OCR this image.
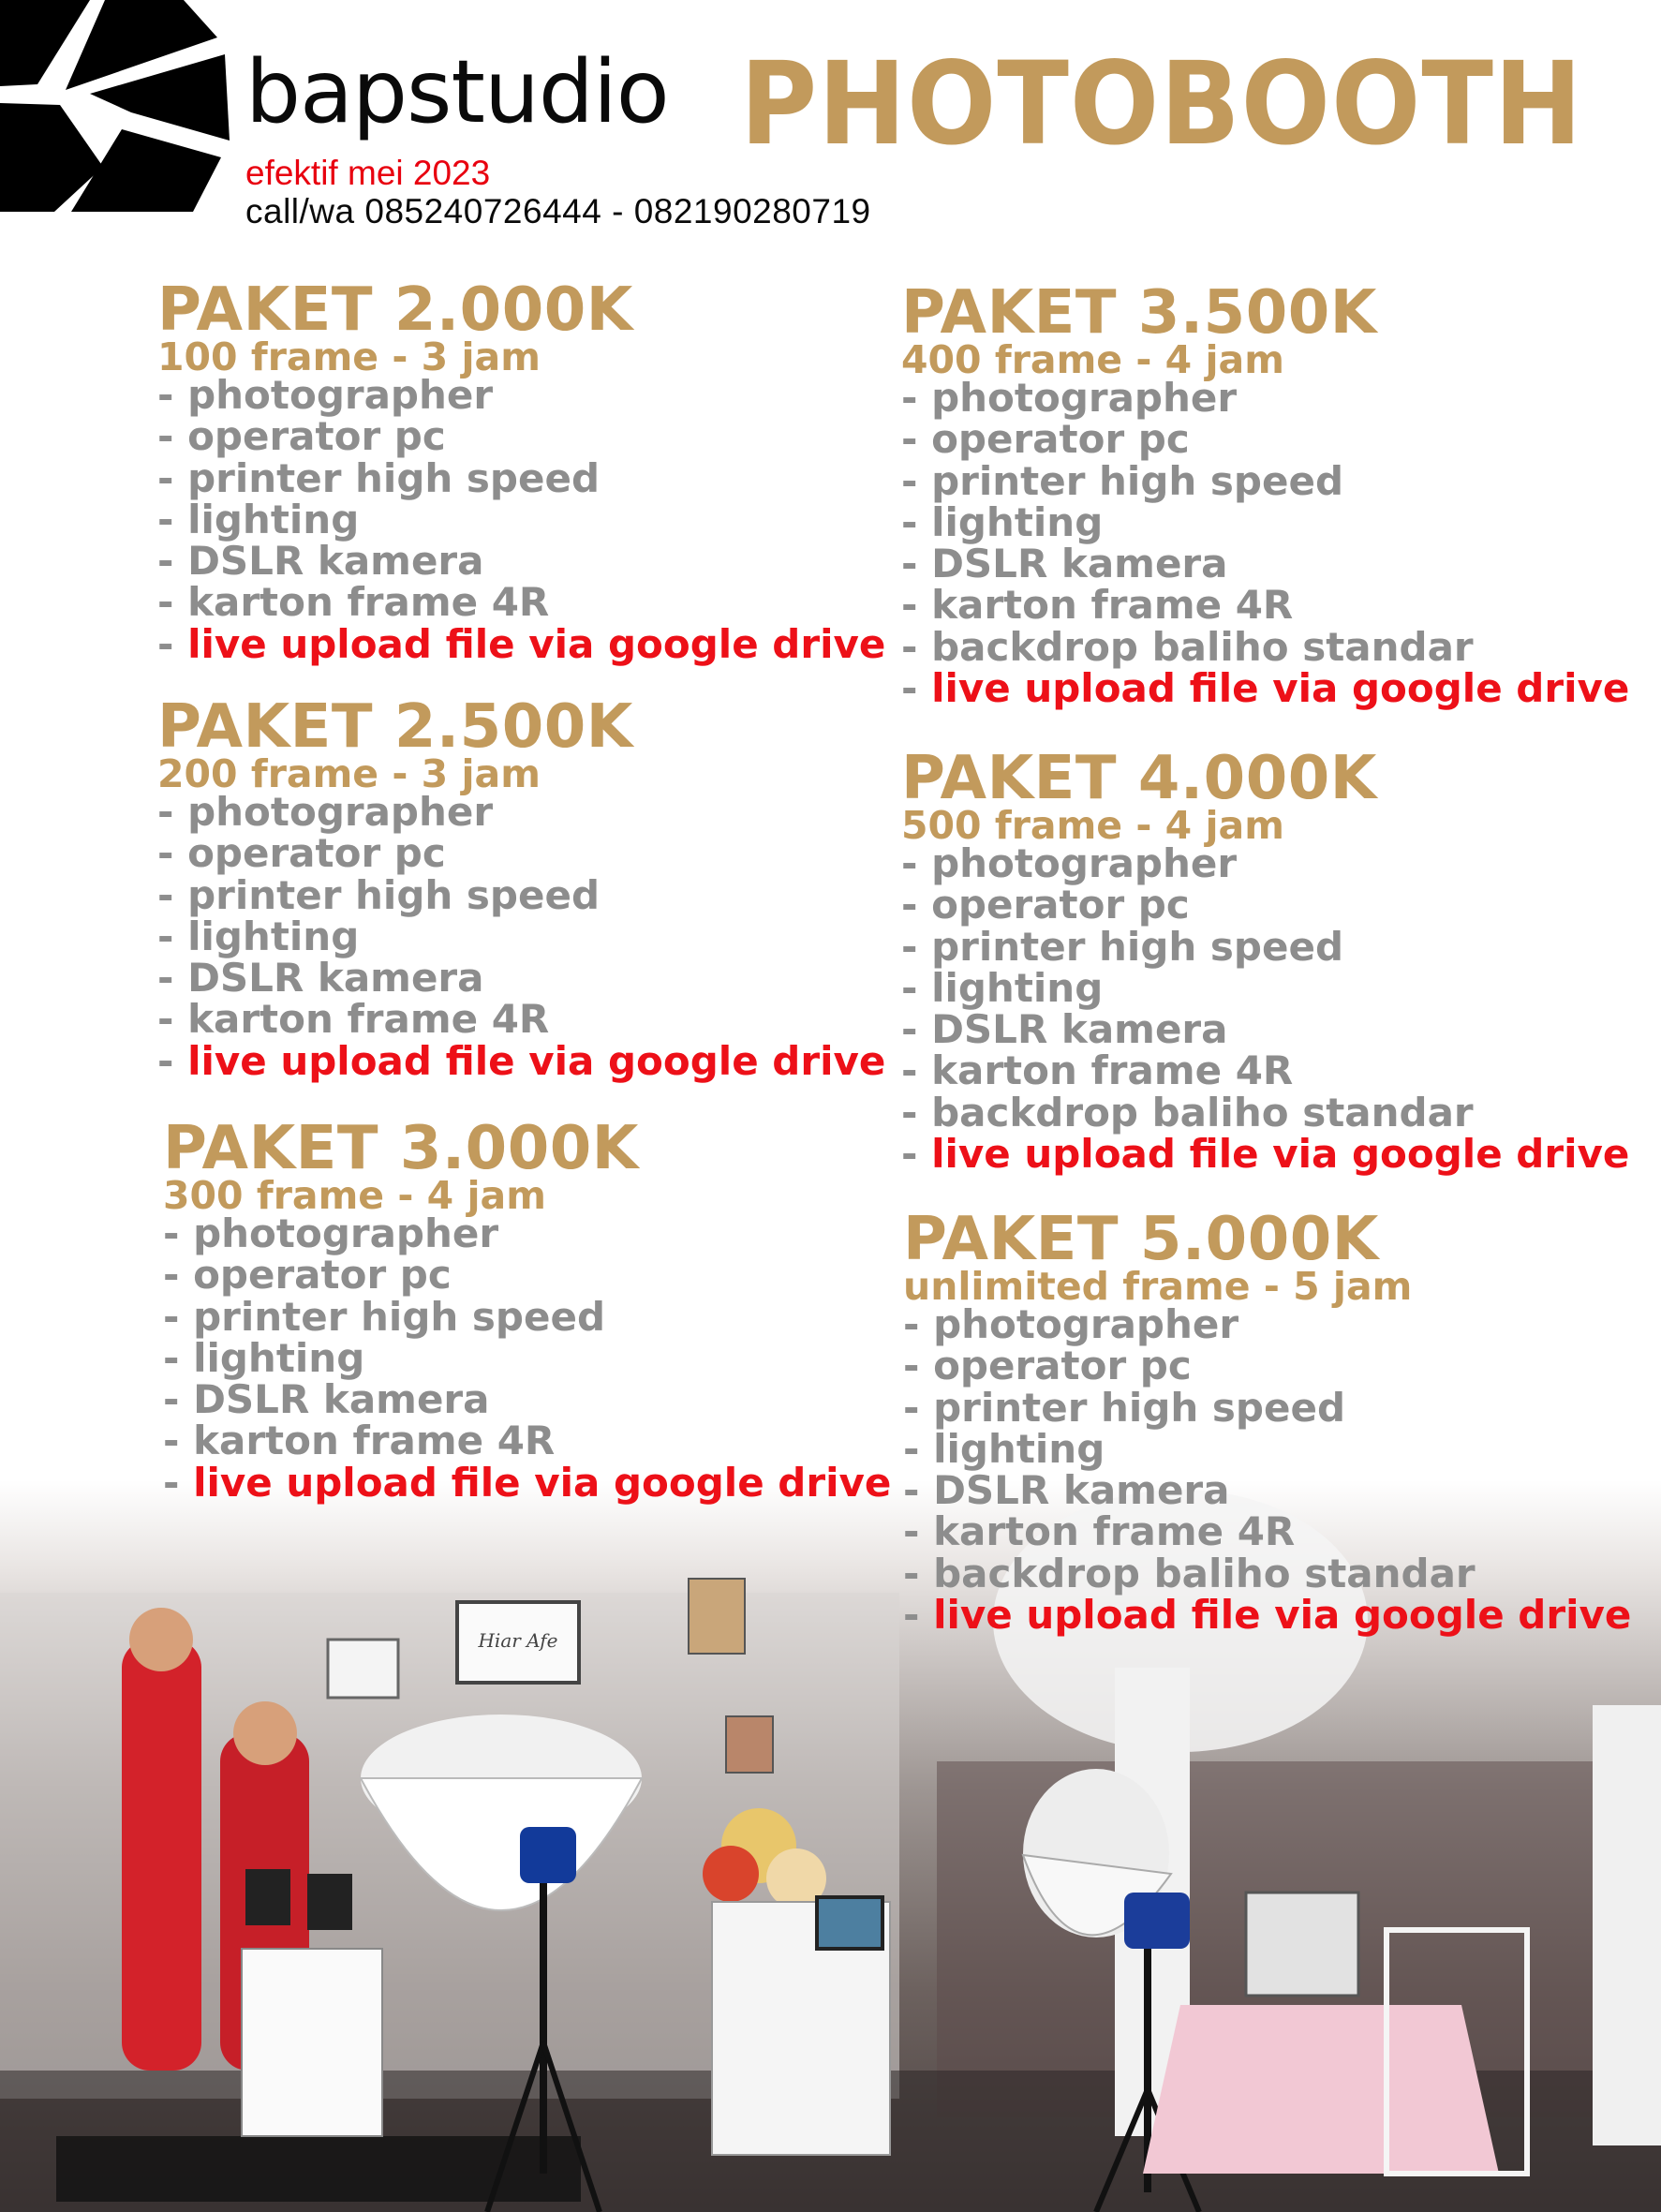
bapstudio PHOTOBOOTH

efektif mei 2023

call/wa 085240726444 - 082190280719

Hiar Afe
PAKET 2.000K
100 frame - 3 jam
- photographer
- operator pc
- printer high speed
- lighting
- DSLR kamera
- karton frame 4R
- live upload file via google drive
PAKET 2.500K
200 frame - 3 jam
- photographer
- operator pc
- printer high speed
- lighting
- DSLR kamera
- karton frame 4R
- live upload file via google drive
PAKET 3.000K
300 frame - 4 jam
- photographer
- operator pc
- printer high speed
- lighting
- DSLR kamera
- karton frame 4R
- live upload file via google drive
PAKET 3.500K
400 frame - 4 jam
- photographer
- operator pc
- printer high speed
- lighting
- DSLR kamera
- karton frame 4R
- backdrop baliho standar
- live upload file via google drive
PAKET 4.000K
500 frame - 4 jam
- photographer
- operator pc
- printer high speed
- lighting
- DSLR kamera
- karton frame 4R
- backdrop baliho standar
- live upload file via google drive
PAKET 5.000K
unlimited frame - 5 jam
- photographer
- operator pc
- printer high speed
- lighting
- DSLR kamera
- karton frame 4R
- backdrop baliho standar
- live upload file via google drive
